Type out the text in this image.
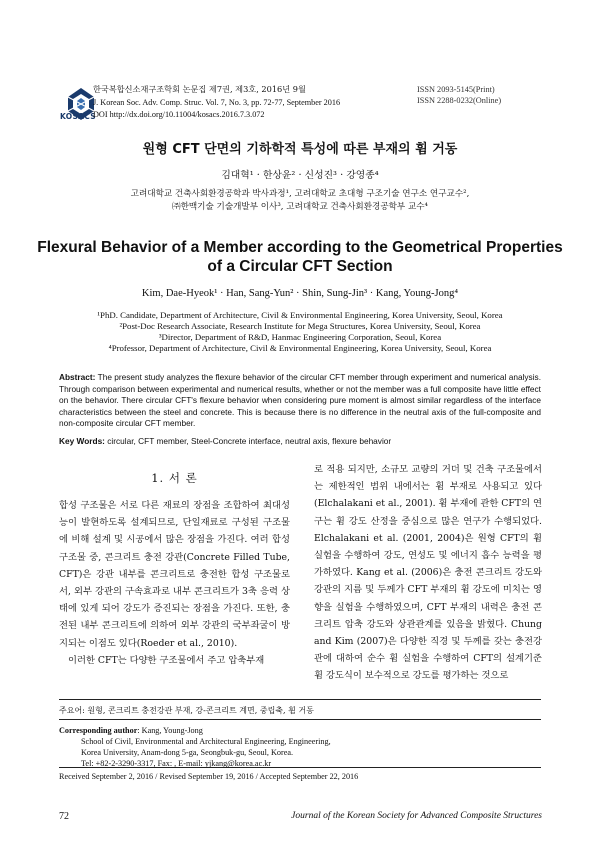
KOSACS
한국복합신소재구조학회 논문집 제7권, 제3호, 2016년 9월
J. Korean Soc. Adv. Comp. Struc. Vol. 7, No. 3, pp. 72-77, September 2016
DOI http://dx.doi.org/10.11004/kosacs.2016.7.3.072
ISSN 2093-5145(Print)
ISSN 2288-0232(Online)
원형 CFT 단면의 기하학적 특성에 따른 부재의 휨 거동
김대혁¹ · 한상윤² · 신성진³ · 강영종⁴
고려대학교 건축사회환경공학과 박사과정¹, 고려대학교 초대형 구조기술 연구소 연구교수²,
㈜한맥기술 기술개발부 이사³, 고려대학교 건축사회환경공학부 교수⁴
Flexural Behavior of a Member according to the Geometrical Properties
of a Circular CFT Section
Kim, Dae-Hyeok¹ · Han, Sang-Yun² · Shin, Sung-Jin³ · Kang, Young-Jong⁴
¹PhD. Candidate, Department of Architecture, Civil & Environmental Engineering, Korea University, Seoul, Korea
²Post-Doc Research Associate, Research Institute for Mega Structures, Korea University, Seoul, Korea
³Director, Department of R&D, Hanmac Engineering Corporation, Seoul, Korea
⁴Professor, Department of Architecture, Civil & Environmental Engineering, Korea University, Seoul, Korea
Abstract: The present study analyzes the flexure behavior of the circular CFT member through experiment and numerical analysis. Through comparison between experimental and numerical results, whether or not the member was a full composite have little effect on the behavior. There circular CFT's flexure behavior when considering pure moment is almost similar regardless of the interface characteristics between the steel and concrete. This is because there is no difference in the neutral axis of the full-composite and non-composite circular CFT member.
Key Words: circular, CFT member, Steel-Concrete interface, neutral axis, flexure behavior
1. 서 론
합성 구조물은 서로 다른 재료의 장점을 조합하여 최대성능이 발현하도록 설계되므로, 단일재료로 구성된 구조물에 비해 설계 및 시공에서 많은 장점을 가진다. 여러 합성 구조물 중, 콘크리트 충전 강관(Concrete Filled Tube, CFT)은 강관 내부를 콘크리트로 충전한 합성 구조물로서, 외부 강관의 구속효과로 내부 콘크리트가 3축 응력 상태에 있게 되어 강도가 증진되는 장점을 가진다. 또한, 충전된 내부 콘크리트에 의하여 외부 강관의 국부좌굴이 방지되는 이점도 있다(Roeder et al., 2010).
이러한 CFT는 다양한 구조물에서 주고 압축부재
로 적용 되지만, 소규모 교량의 거더 및 건축 구조물에서는 제한적인 범위 내에서는 휨 부재로 사용되고 있다(Elchalakani et al., 2001). 휨 부재에 관한 CFT의 연구는 휨 강도 산정을 중심으로 많은 연구가 수행되었다. Elchalakani et al. (2001, 2004)은 원형 CFT의 휨 실험을 수행하여 강도, 연성도 및 에너지 흡수 능력을 평가하였다. Kang et al. (2006)은 충전 콘크리트 강도와 강관의 지름 및 두께가 CFT 부재의 휨 강도에 미치는 영향을 실험을 수행하였으며, CFT 부재의 내력은 충전 콘크리트 압축 강도와 상관관계를 있음을 밝혔다. Chung and Kim (2007)은 다양한 직경 및 두께를 갖는 충전강관에 대하여 순수 휨 실험을 수행하여 CFT의 설계기준 휨 강도식이 보수적으로 강도를 평가하는 것으로
주요어: 원형, 콘크리트 충전강관 부재, 강-콘크리트 계면, 중립축, 휨 거동
Corresponding author: Kang, Young-Jong
School of Civil, Environmental and Architectural Engineering, Engineering,
Korea University, Anam-dong 5-ga, Seongbuk-gu, Seoul, Korea.
Tel: +82-2-3290-3317, Fax: , E-mail: yjkang@korea.ac.kr
Received September 2, 2016 / Revised September 19, 2016 / Accepted September 22, 2016
72	Journal of the Korean Society for Advanced Composite Structures
